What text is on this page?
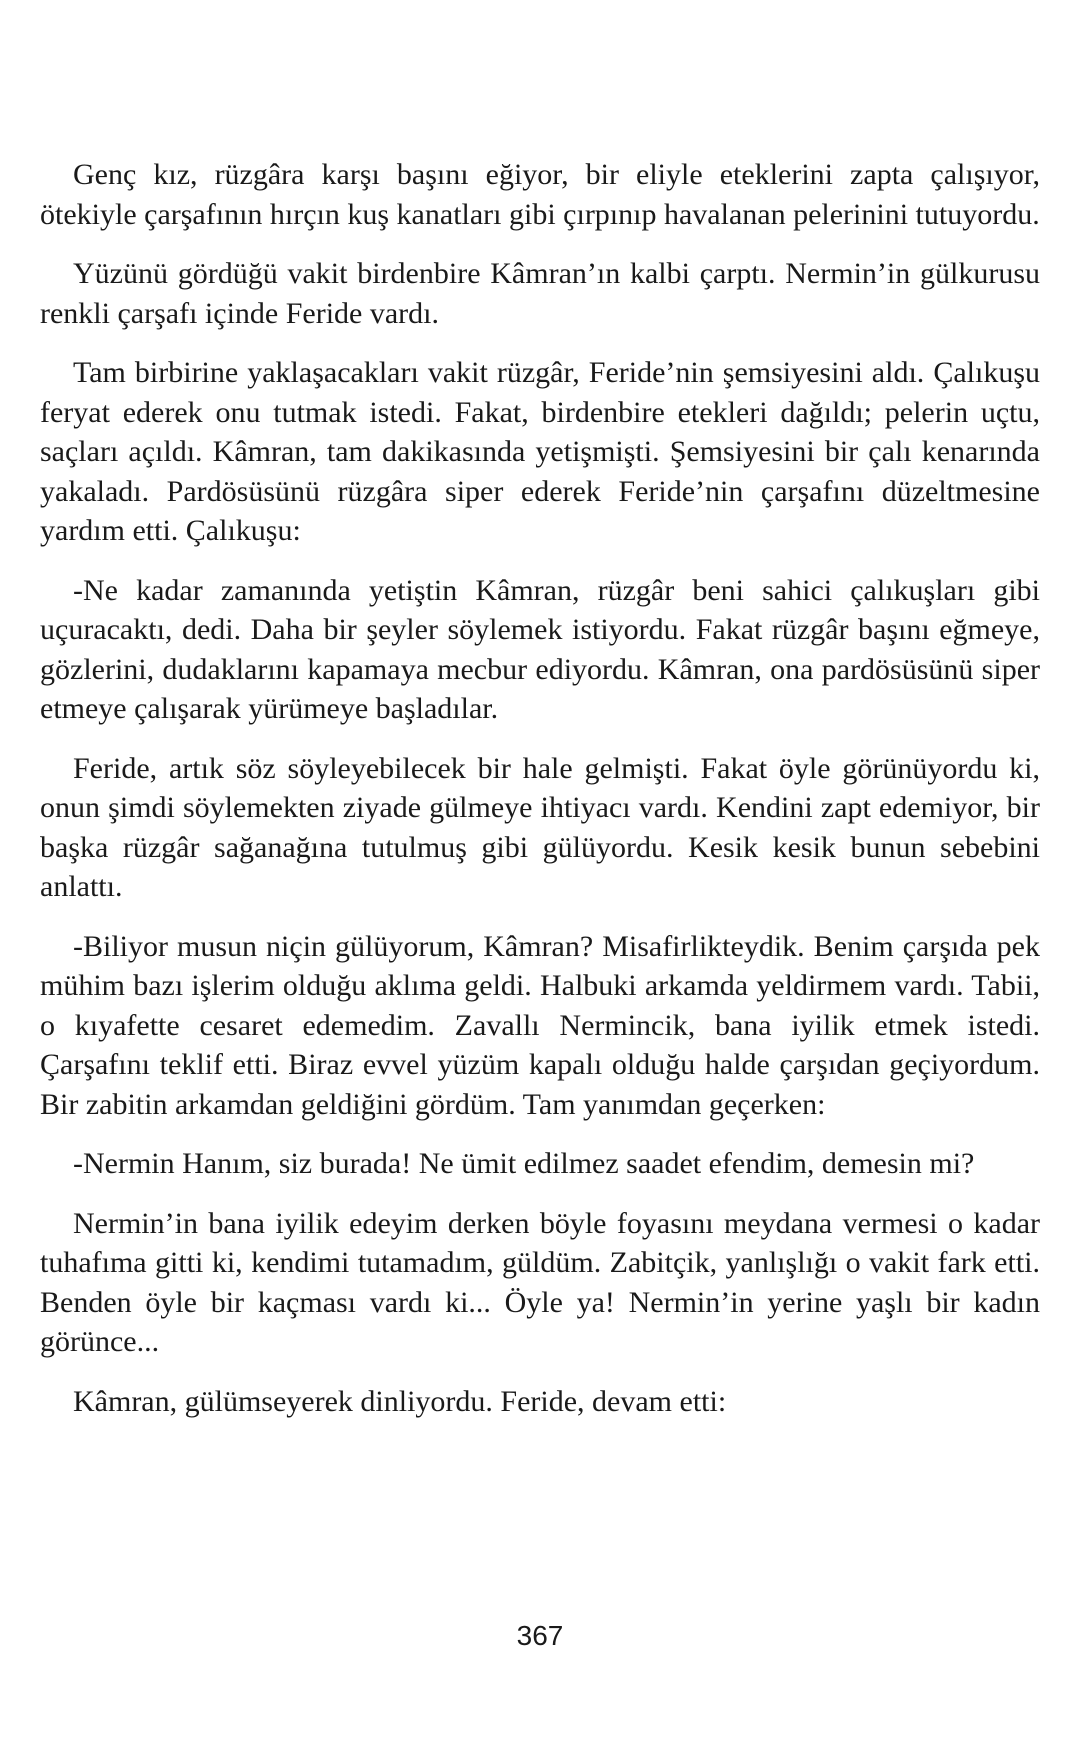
Genç kız, rüzgâra karşı başını eğiyor, bir eliyle eteklerini zapta çalışıyor, ötekiyle çarşafının hırçın kuş kanatları gibi çırpınıp havalanan pelerinini tutuyordu.

Yüzünü gördüğü vakit birdenbire Kâmran’ın kalbi çarptı. Nermin’in gülkurusu renkli çarşafı içinde Feride vardı.

Tam birbirine yaklaşacakları vakit rüzgâr, Feride’nin şemsiyesini aldı. Çalıkuşu feryat ederek onu tutmak istedi. Fakat, birdenbire etekleri dağıldı; pelerin uçtu, saçları açıldı. Kâmran, tam dakikasında yetişmişti. Şemsiyesini bir çalı kenarında yakaladı. Pardösüsünü rüzgâra siper ederek Feride’nin çarşafını düzeltmesine yardım etti. Çalıkuşu:

-Ne kadar zamanında yetiştin Kâmran, rüzgâr beni sahici çalıkuşları gibi uçuracaktı, dedi. Daha bir şeyler söylemek istiyordu. Fakat rüzgâr başını eğmeye, gözlerini, dudaklarını kapamaya mecbur ediyordu. Kâmran, ona pardösüsünü siper etmeye çalışarak yürümeye başladılar.

Feride, artık söz söyleyebilecek bir hale gelmişti. Fakat öyle görünüyordu ki, onun şimdi söylemekten ziyade gülmeye ihtiyacı vardı. Kendini zapt edemiyor, bir başka rüzgâr sağanağına tutulmuş gibi gülüyordu. Kesik kesik bunun sebebini anlattı.

-Biliyor musun niçin gülüyorum, Kâmran? Misafirlikteydik. Benim çarşıda pek mühim bazı işlerim olduğu aklıma geldi. Halbuki arkamda yeldirmem vardı. Tabii, o kıyafette cesaret edemedim. Zavallı Nermincik, bana iyilik etmek istedi. Çarşafını teklif etti. Biraz evvel yüzüm kapalı olduğu halde çarşıdan geçiyordum. Bir zabitin arkamdan geldiğini gördüm. Tam yanımdan geçerken:

-Nermin Hanım, siz burada! Ne ümit edilmez saadet efendim, demesin mi?

Nermin’in bana iyilik edeyim derken böyle foyasını meydana vermesi o kadar tuhafıma gitti ki, kendimi tutamadım, güldüm. Zabitçik, yanlışlığı o vakit fark etti. Benden öyle bir kaçması vardı ki... Öyle ya! Nermin’in yerine yaşlı bir kadın görünce...

Kâmran, gülümseyerek dinliyordu. Feride, devam etti:

367
